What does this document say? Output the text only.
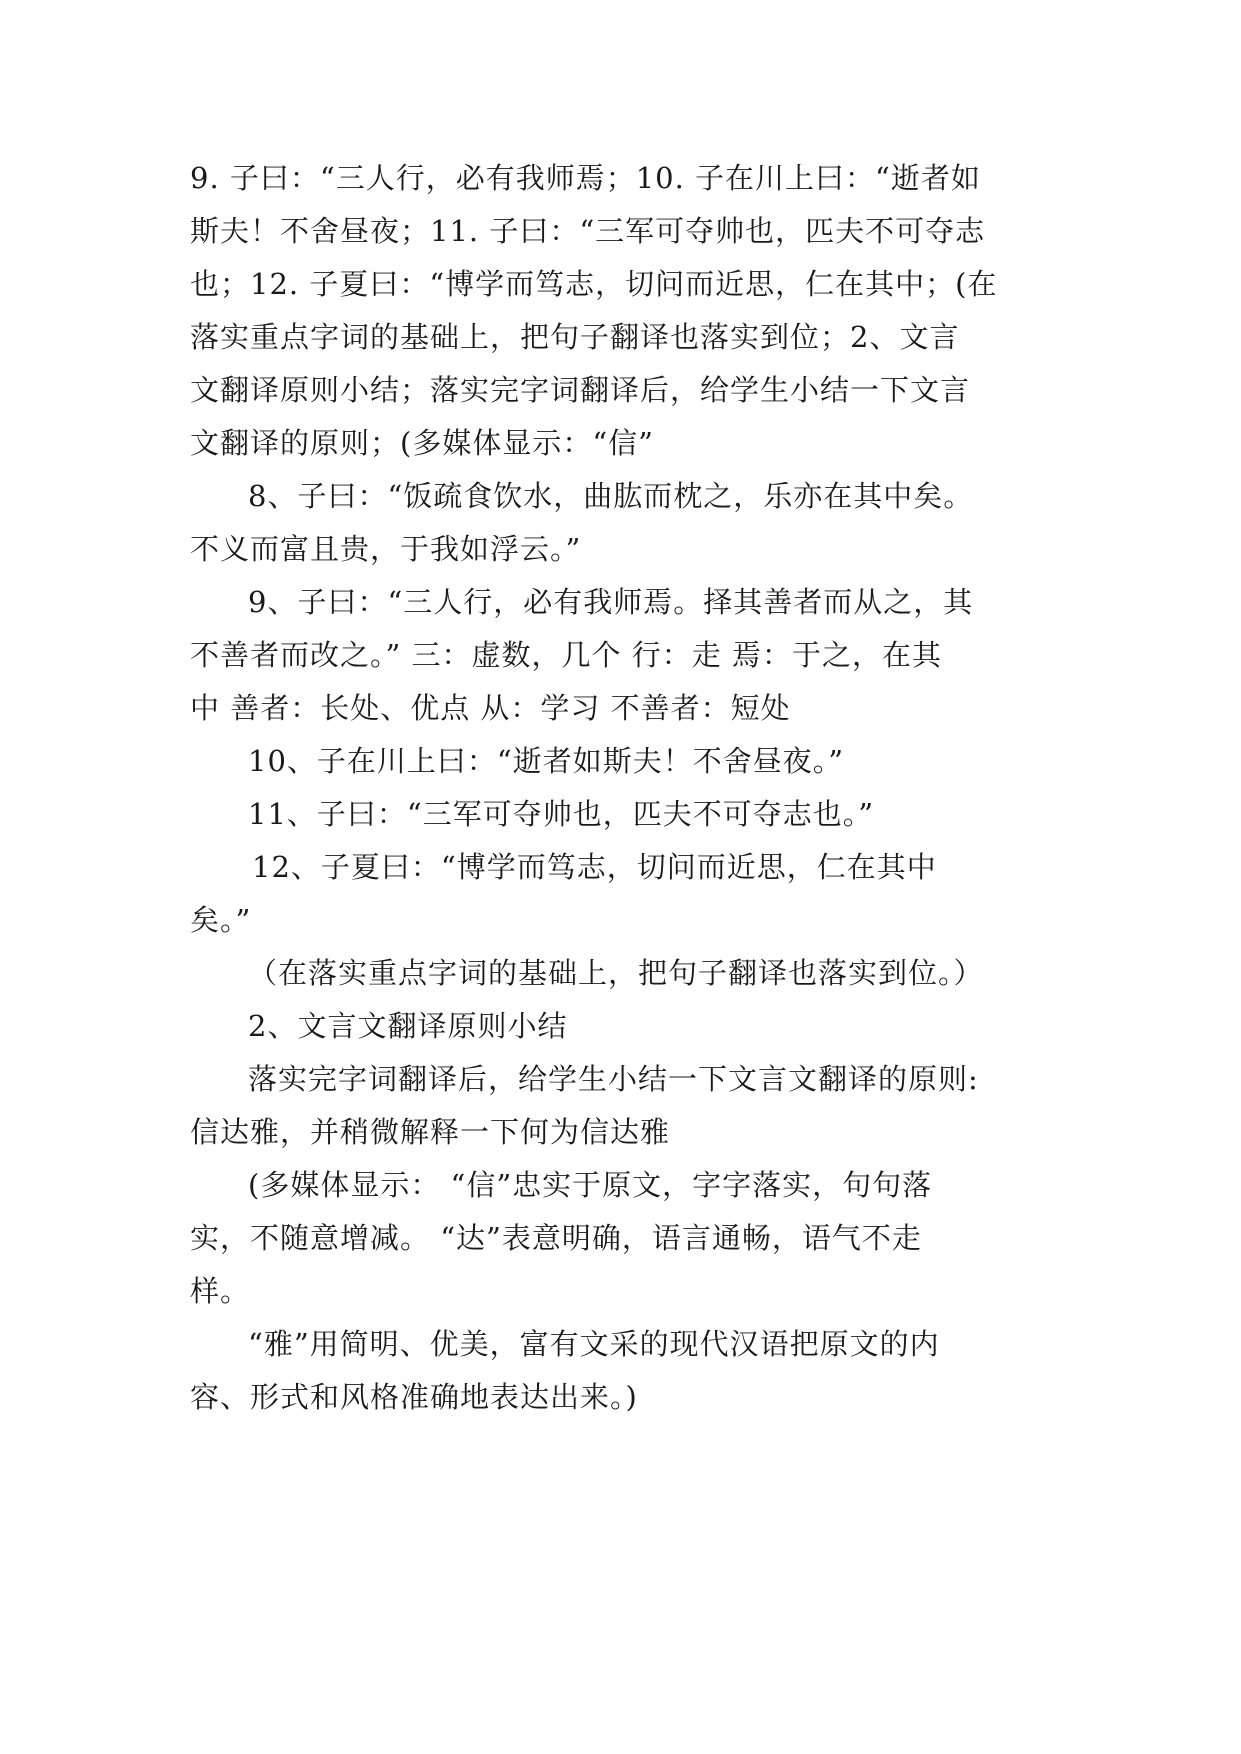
9. 子曰：“三人行，必有我师焉；10. 子在川上曰：“逝者如
斯夫！不舍昼夜；11. 子曰：“三军可夺帅也，匹夫不可夺志
也；12. 子夏曰：“博学而笃志，切问而近思，仁在其中；(在
落实重点字词的基础上，把句子翻译也落实到位；2、文言
文翻译原则小结；落实完字词翻译后，给学生小结一下文言
文翻译的原则；(多媒体显示：“信”
8、子曰：“饭疏食饮水，曲肱而枕之，乐亦在其中矣。
不义而富且贵，于我如浮云。”
9、子曰：“三人行，必有我师焉。择其善者而从之，其
不善者而改之。” 三：虚数，几个 行：走 焉：于之，在其
中 善者：长处、优点 从：学习 不善者：短处
10、子在川上曰：“逝者如斯夫！不舍昼夜。”
11、子曰：“三军可夺帅也，匹夫不可夺志也。”
12、子夏曰：“博学而笃志，切问而近思，仁在其中
矣。”
（在落实重点字词的基础上，把句子翻译也落实到位。）
2、文言文翻译原则小结
落实完字词翻译后，给学生小结一下文言文翻译的原则:
信达雅，并稍微解释一下何为信达雅
(多媒体显示： “信”忠实于原文，字字落实，句句落
实，不随意增减。 “达”表意明确，语言通畅，语气不走
样。
“雅”用简明、优美，富有文采的现代汉语把原文的内
容、形式和风格准确地表达出来。)
